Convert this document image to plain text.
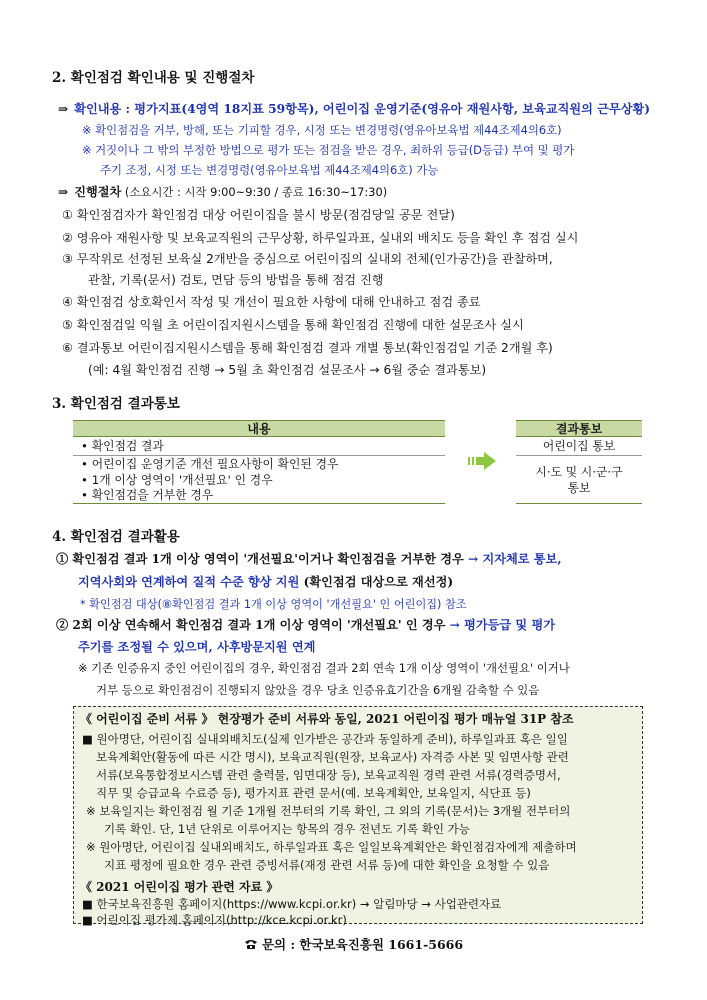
2. 확인점검 확인내용 및 진행절차
⇒ 확인내용 : 평가지표(4영역 18지표 59항목), 어린이집 운영기준(영유아 재원사항, 보육교직원의 근무상황)
※ 확인점검을 거부, 방해, 또는 기피할 경우, 시정 또는 변경명령(영유아보육법 제44조제4의6호)
※ 거짓이나 그 밖의 부정한 방법으로 평가 또는 점검을 받은 경우, 최하위 등급(D등급) 부여 및 평가
주기 조정, 시정 또는 변경명령(영유아보육법 제44조제4의6호) 가능
⇒ 진행절차 (소요시간 : 시작 9:00~9:30 / 종료 16:30~17:30)
① 확인점검자가 확인점검 대상 어린이집을 불시 방문(점검당일 공문 전달)
② 영유아 재원사항 및 보육교직원의 근무상황, 하루일과표, 실내외 배치도 등을 확인 후 점검 실시
③ 무작위로 선정된 보육실 2개반을 중심으로 어린이집의 실내외 전체(인가공간)을 관찰하며,
관찰, 기록(문서) 검토, 면담 등의 방법을 통해 점검 진행
④ 확인점검 상호확인서 작성 및 개선이 필요한 사항에 대해 안내하고 점검 종료
⑤ 확인점검일 익월 초 어린이집지원시스템을 통해 확인점검 진행에 대한 설문조사 실시
⑥ 결과통보 어린이집지원시스템을 통해 확인점검 결과 개별 통보(확인점검일 기준 2개월 후)
(예: 4월 확인점검 진행 → 5월 초 확인점검 설문조사 → 6월 중순 결과통보)
3. 확인점검 결과통보
내용
• 확인점검 결과
• 어린이집 운영기준 개선 필요사항이 확인된 경우
• 1개 이상 영역이 '개선필요' 인 경우
• 확인점검을 거부한 경우
결과통보
어린이집 통보
시·도 및 시·군·구
통보
4. 확인점검 결과활용
① 확인점검 결과 1개 이상 영역이 '개선필요'이거나 확인점검을 거부한 경우 → 지자체로 통보,
지역사회와 연계하여 질적 수준 향상 지원 (확인점검 대상으로 재선정)
* 확인점검 대상(⑧확인점검 결과 1개 이상 영역이 '개선필요' 인 어린이집) 참조
② 2회 이상 연속해서 확인점검 결과 1개 이상 영역이 '개선필요' 인 경우 → 평가등급 및 평가
주기를 조정될 수 있으며, 사후방문지원 연계
※ 기존 인증유지 중인 어린이집의 경우, 확인점검 결과 2회 연속 1개 이상 영역이 '개선필요' 이거나
거부 등으로 확인점검이 진행되지 않았을 경우 당초 인증유효기간을 6개월 감축할 수 있음
《 어린이집 준비 서류 》 현장평가 준비 서류와 동일, 2021 어린이집 평가 매뉴얼 31P 참조
■ 원아명단, 어린이집 실내외배치도(실제 인가받은 공간과 동일하게 준비), 하루일과표 혹은 일일
보육계획안(활동에 따른 시간 명시), 보육교직원(원장, 보육교사) 자격증 사본 및 임면사항 관련
서류(보육통합정보시스템 관련 출력물, 임면대장 등), 보육교직원 경력 관련 서류(경력증명서,
직무 및 승급교육 수료증 등), 평가지표 관련 문서(예. 보육계획안, 보육일지, 식단표 등)
※ 보육일지는 확인점검 월 기준 1개월 전부터의 기록 확인, 그 외의 기록(문서)는 3개월 전부터의
기록 확인. 단, 1년 단위로 이루어지는 항목의 경우 전년도 기록 확인 가능
※ 원아명단, 어린이집 실내외배치도, 하루일과표 혹은 일일보육계획안은 확인점검자에게 제출하며
지표 평정에 필요한 경우 관련 증빙서류(재정 관련 서류 등)에 대한 확인을 요청할 수 있음
《 2021 어린이집 평가 관련 자료 》
■ 한국보육진흥원 홈페이지(https://www.kcpi.or.kr) → 알림마당 → 사업관련자료
■ 어린이집 평가제 홈페이지(http://kce.kcpi.or.kr)
문의 : 한국보육진흥원 1661-5666
